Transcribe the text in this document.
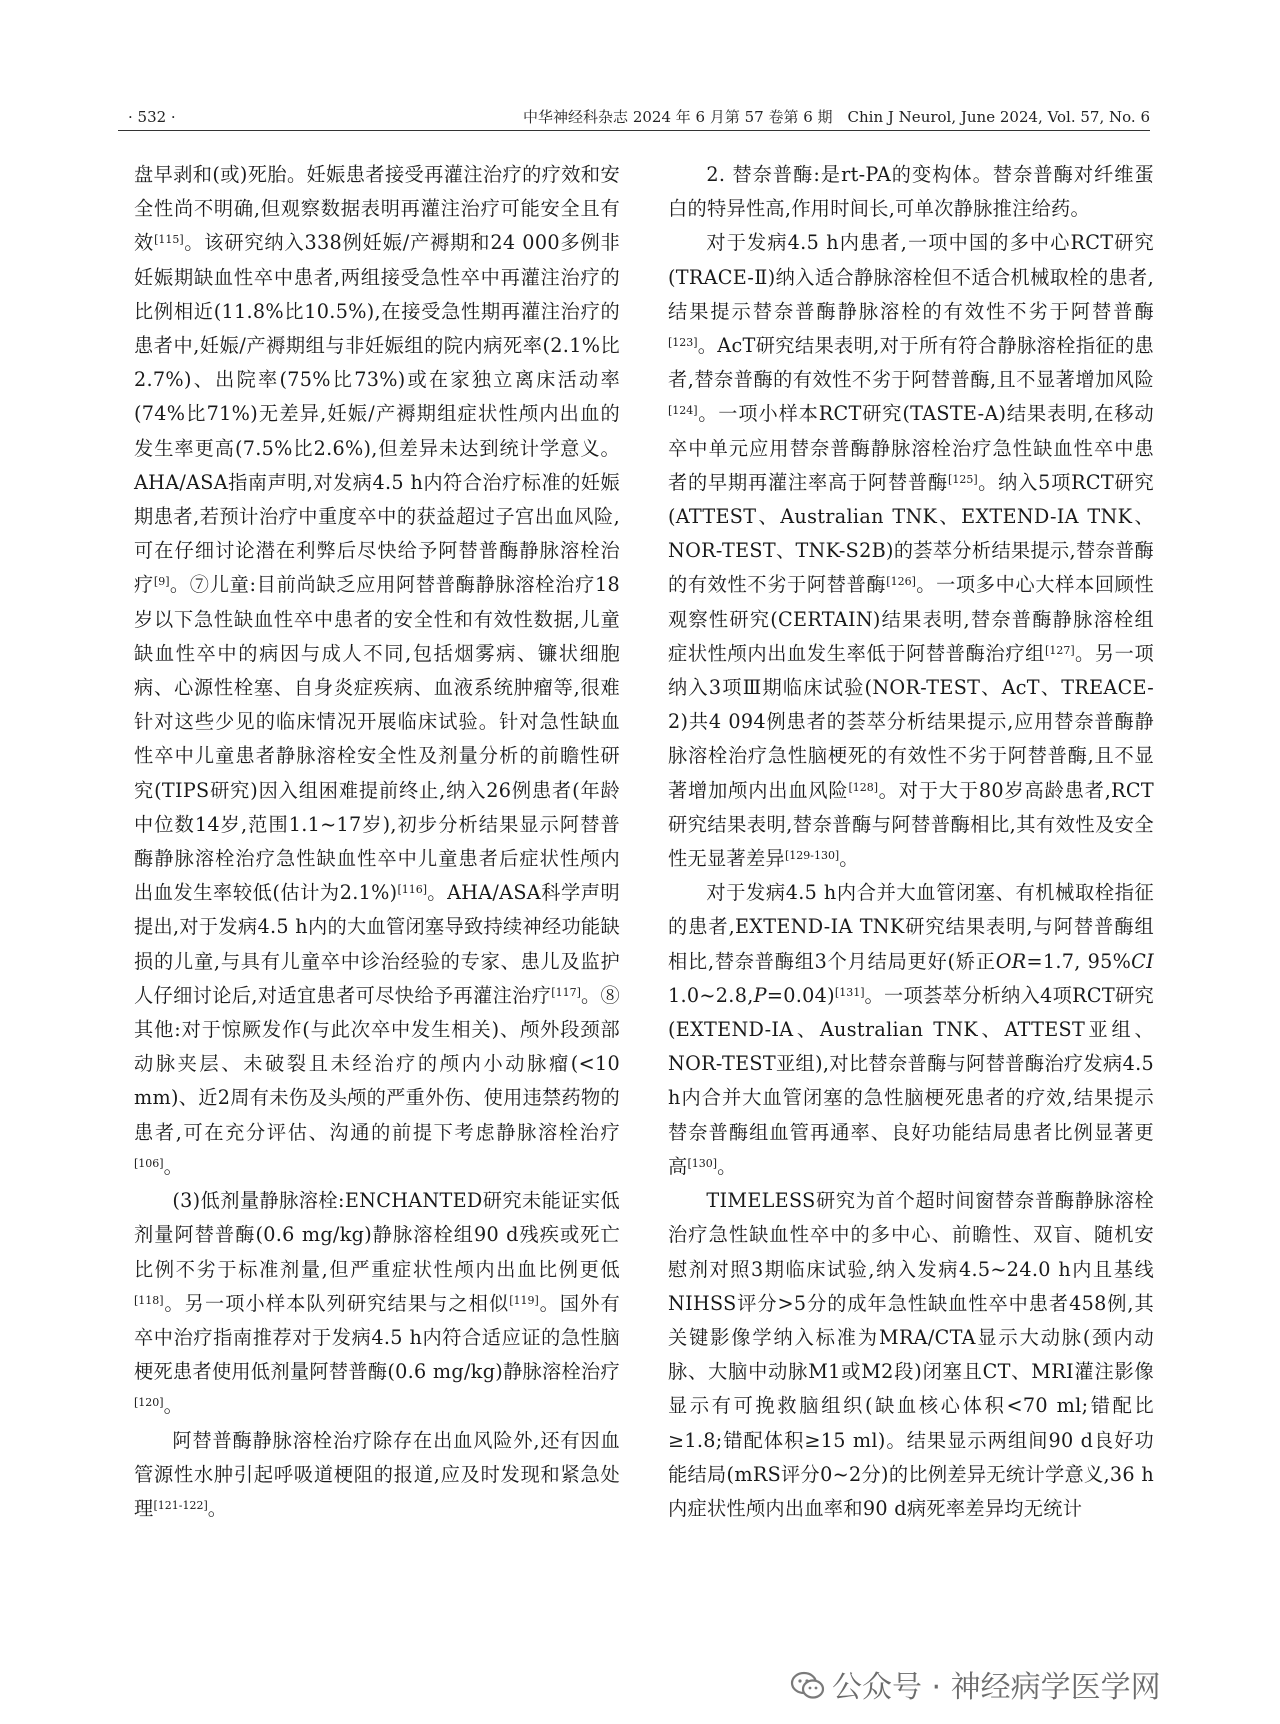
· 532 ·	中华神经科杂志 2024 年 6 月第 57 卷第 6 期　Chin J Neurol, June 2024, Vol. 57, No. 6

盘早剥和(或)死胎。妊娠患者接受再灌注治疗的疗效和安全性尚不明确,但观察数据表明再灌注治疗可能安全且有效[115]。该研究纳入338例妊娠/产褥期和24 000多例非妊娠期缺血性卒中患者,两组接受急性卒中再灌注治疗的比例相近(11.8%比10.5%),在接受急性期再灌注治疗的患者中,妊娠/产褥期组与非妊娠组的院内病死率(2.1%比2.7%)、出院率(75%比73%)或在家独立离床活动率(74%比71%)无差异,妊娠/产褥期组症状性颅内出血的发生率更高(7.5%比2.6%),但差异未达到统计学意义。AHA/ASA指南声明,对发病4.5 h内符合治疗标准的妊娠期患者,若预计治疗中重度卒中的获益超过子宫出血风险,可在仔细讨论潜在利弊后尽快给予阿替普酶静脉溶栓治疗[9]。⑦儿童:目前尚缺乏应用阿替普酶静脉溶栓治疗18岁以下急性缺血性卒中患者的安全性和有效性数据,儿童缺血性卒中的病因与成人不同,包括烟雾病、镰状细胞病、心源性栓塞、自身炎症疾病、血液系统肿瘤等,很难针对这些少见的临床情况开展临床试验。针对急性缺血性卒中儿童患者静脉溶栓安全性及剂量分析的前瞻性研究(TIPS研究)因入组困难提前终止,纳入26例患者(年龄中位数14岁,范围1.1~17岁),初步分析结果显示阿替普酶静脉溶栓治疗急性缺血性卒中儿童患者后症状性颅内出血发生率较低(估计为2.1%)[116]。AHA/ASA科学声明提出,对于发病4.5 h内的大血管闭塞导致持续神经功能缺损的儿童,与具有儿童卒中诊治经验的专家、患儿及监护人仔细讨论后,对适宜患者可尽快给予再灌注治疗[117]。⑧其他:对于惊厥发作(与此次卒中发生相关)、颅外段颈部动脉夹层、未破裂且未经治疗的颅内小动脉瘤(<10 mm)、近2周有未伤及头颅的严重外伤、使用违禁药物的患者,可在充分评估、沟通的前提下考虑静脉溶栓治疗[106]。

(3)低剂量静脉溶栓:ENCHANTED研究未能证实低剂量阿替普酶(0.6 mg/kg)静脉溶栓组90 d残疾或死亡比例不劣于标准剂量,但严重症状性颅内出血比例更低[118]。另一项小样本队列研究结果与之相似[119]。国外有卒中治疗指南推荐对于发病4.5 h内符合适应证的急性脑梗死患者使用低剂量阿替普酶(0.6 mg/kg)静脉溶栓治疗[120]。

阿替普酶静脉溶栓治疗除存在出血风险外,还有因血管源性水肿引起呼吸道梗阻的报道,应及时发现和紧急处理[121-122]。

2. 替奈普酶:是rt-PA的变构体。替奈普酶对纤维蛋白的特异性高,作用时间长,可单次静脉推注给药。

对于发病4.5 h内患者,一项中国的多中心RCT研究(TRACE-Ⅱ)纳入适合静脉溶栓但不适合机械取栓的患者,结果提示替奈普酶静脉溶栓的有效性不劣于阿替普酶[123]。AcT研究结果表明,对于所有符合静脉溶栓指征的患者,替奈普酶的有效性不劣于阿替普酶,且不显著增加风险[124]。一项小样本RCT研究(TASTE-A)结果表明,在移动卒中单元应用替奈普酶静脉溶栓治疗急性缺血性卒中患者的早期再灌注率高于阿替普酶[125]。纳入5项RCT研究(ATTEST、Australian TNK、EXTEND-IA TNK、NOR-TEST、TNK-S2B)的荟萃分析结果提示,替奈普酶的有效性不劣于阿替普酶[126]。一项多中心大样本回顾性观察性研究(CERTAIN)结果表明,替奈普酶静脉溶栓组症状性颅内出血发生率低于阿替普酶治疗组[127]。另一项纳入3项Ⅲ期临床试验(NOR-TEST、AcT、TREACE-2)共4 094例患者的荟萃分析结果提示,应用替奈普酶静脉溶栓治疗急性脑梗死的有效性不劣于阿替普酶,且不显著增加颅内出血风险[128]。对于大于80岁高龄患者,RCT研究结果表明,替奈普酶与阿替普酶相比,其有效性及安全性无显著差异[129-130]。

对于发病4.5 h内合并大血管闭塞、有机械取栓指征的患者,EXTEND-IA TNK研究结果表明,与阿替普酶组相比,替奈普酶组3个月结局更好(矫正OR=1.7, 95%CI 1.0~2.8,P=0.04)[131]。一项荟萃分析纳入4项RCT研究(EXTEND-IA、Australian TNK、ATTEST亚组、NOR-TEST亚组),对比替奈普酶与阿替普酶治疗发病4.5 h内合并大血管闭塞的急性脑梗死患者的疗效,结果提示替奈普酶组血管再通率、良好功能结局患者比例显著更高[130]。

TIMELESS研究为首个超时间窗替奈普酶静脉溶栓治疗急性缺血性卒中的多中心、前瞻性、双盲、随机安慰剂对照3期临床试验,纳入发病4.5~24.0 h内且基线NIHSS评分>5分的成年急性缺血性卒中患者458例,其关键影像学纳入标准为MRA/CTA显示大动脉(颈内动脉、大脑中动脉M1或M2段)闭塞且CT、MRI灌注影像显示有可挽救脑组织(缺血核心体积<70 ml;错配比≥1.8;错配体积≥15 ml)。结果显示两组间90 d良好功能结局(mRS评分0~2分)的比例差异无统计学意义,36 h内症状性颅内出血率和90 d病死率差异均无统计

公众号 · 神经病学医学网
